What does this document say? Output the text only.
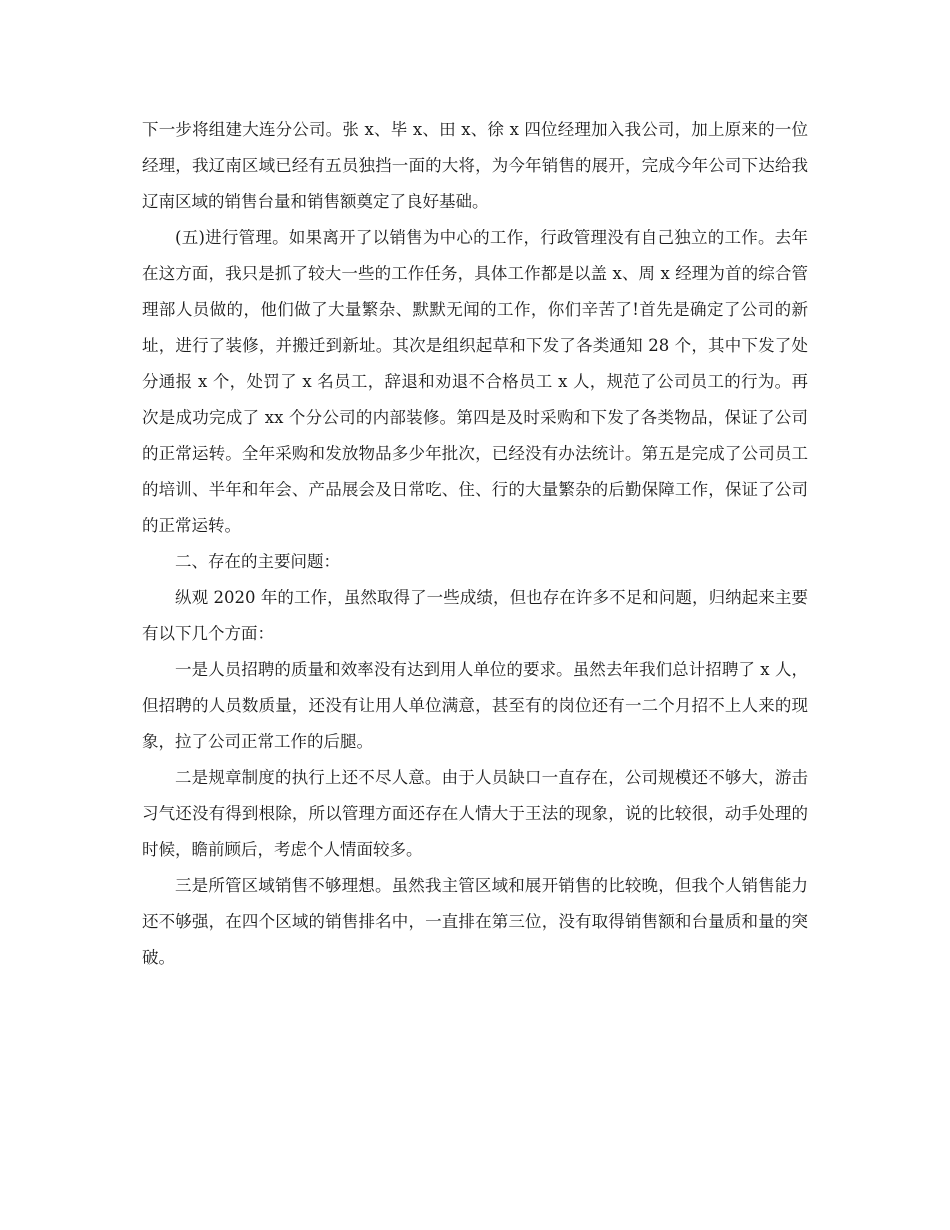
下一步将组建大连分公司。张 x、毕 x、田 x、徐 x 四位经理加入我公司，加上原来的一位经理，我辽南区域已经有五员独挡一面的大将，为今年销售的展开，完成今年公司下达给我辽南区域的销售台量和销售额奠定了良好基础。

(五)进行管理。如果离开了以销售为中心的工作，行政管理没有自己独立的工作。去年在这方面，我只是抓了较大一些的工作任务，具体工作都是以盖 x、周 x 经理为首的综合管理部人员做的，他们做了大量繁杂、默默无闻的工作，你们辛苦了!首先是确定了公司的新址，进行了装修，并搬迁到新址。其次是组织起草和下发了各类通知 28 个，其中下发了处分通报 x 个，处罚了 x 名员工，辞退和劝退不合格员工 x 人，规范了公司员工的行为。再次是成功完成了 xx 个分公司的内部装修。第四是及时采购和下发了各类物品，保证了公司的正常运转。全年采购和发放物品多少年批次，已经没有办法统计。第五是完成了公司员工的培训、半年和年会、产品展会及日常吃、住、行的大量繁杂的后勤保障工作，保证了公司的正常运转。

二、存在的主要问题：

纵观 2020 年的工作，虽然取得了一些成绩，但也存在许多不足和问题，归纳起来主要有以下几个方面：

一是人员招聘的质量和效率没有达到用人单位的要求。虽然去年我们总计招聘了 x 人，但招聘的人员数质量，还没有让用人单位满意，甚至有的岗位还有一二个月招不上人来的现象，拉了公司正常工作的后腿。

二是规章制度的执行上还不尽人意。由于人员缺口一直存在，公司规模还不够大，游击习气还没有得到根除，所以管理方面还存在人情大于王法的现象，说的比较很，动手处理的时候，瞻前顾后，考虑个人情面较多。

三是所管区域销售不够理想。虽然我主管区域和展开销售的比较晚，但我个人销售能力还不够强，在四个区域的销售排名中，一直排在第三位，没有取得销售额和台量质和量的突破。
